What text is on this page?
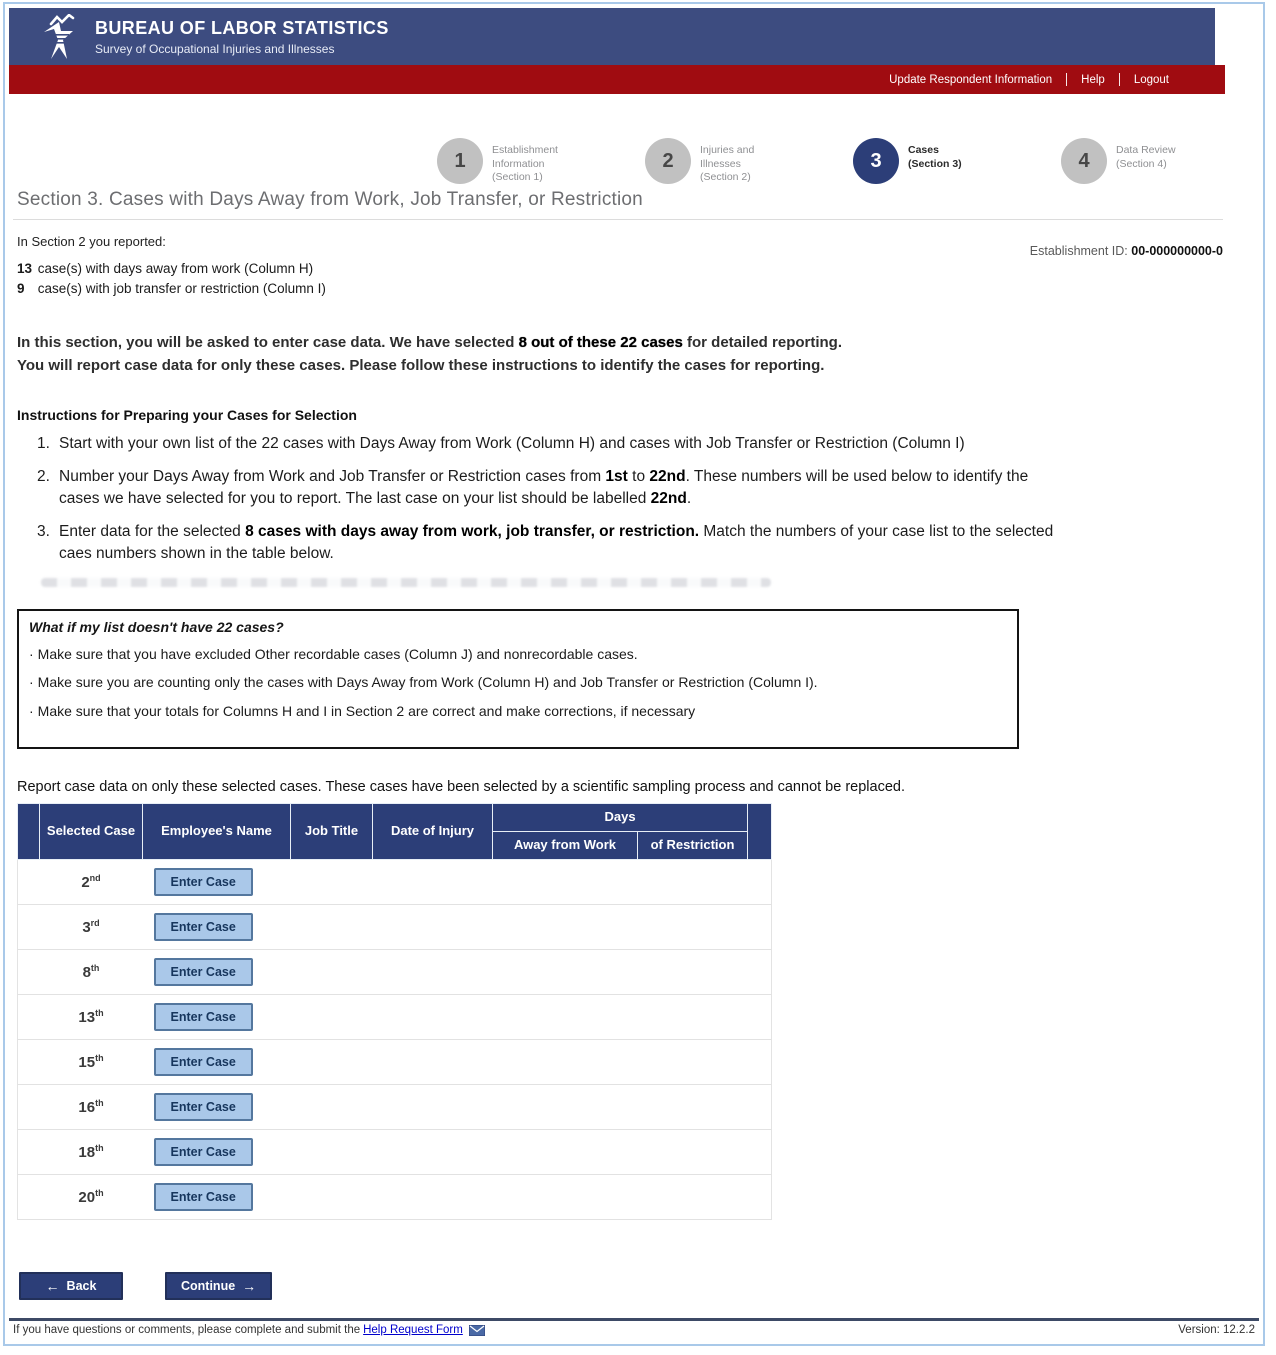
BUREAU OF LABOR STATISTICS
Survey of Occupational Injuries and Illnesses
Update Respondent Information	Help	Logout
1	Establishment Information
(Section 1)
2	Injuries and Illnesses
(Section 2)
3	Cases
(Section 3)	4	Data Review
(Section 4)
Section 3. Cases with Days Away from Work, Job Transfer, or Restriction
In Section 2 you reported:
13 case(s) with days away from work (Column H)
9 case(s) with job transfer or restriction (Column I)
Establishment ID: 00-000000000-0

In this section, you will be asked to enter case data. We have selected 8 out of these 22 cases for detailed reporting.
You will report case data for only these cases. Please follow these instructions to identify the cases for reporting.

Instructions for Preparing your Cases for Selection
1. Start with your own list of the 22 cases with Days Away from Work (Column H) and cases with Job Transfer or Restriction (Column I)
2. Number your Days Away from Work and Job Transfer or Restriction cases from 1st to 22nd. These numbers will be used below to identify the cases we have selected for you to report. The last case on your list should be labelled 22nd.
3. Enter data for the selected 8 cases with days away from work, job transfer, or restriction. Match the numbers of your case list to the selected caes numbers shown in the table below.
What if my list doesn't have 22 cases?
· Make sure that you have excluded Other recordable cases (Column J) and nonrecordable cases.
· Make sure you are counting only the cases with Days Away from Work (Column H) and Job Transfer or Restriction (Column I).
· Make sure that your totals for Columns H and I in Section 2 are correct and make corrections, if necessary

Report case data on only these selected cases. These cases have been selected by a scientific sampling process and cannot be replaced.

	Selected Case	Employee's Name	Job Title	Date of Injury	Days		
					Away from Work	of Restriction	

	2nd	Enter Case					

	3rd	Enter Case					

	8th	Enter Case					

	13th	Enter Case					

	15th	Enter Case					

	16th	Enter Case					

	18th	Enter Case					

	20th	Enter Case					
← Back	Continue →
If you have questions or comments, please complete and submit the Help Request Form	Version: 12.2.2
